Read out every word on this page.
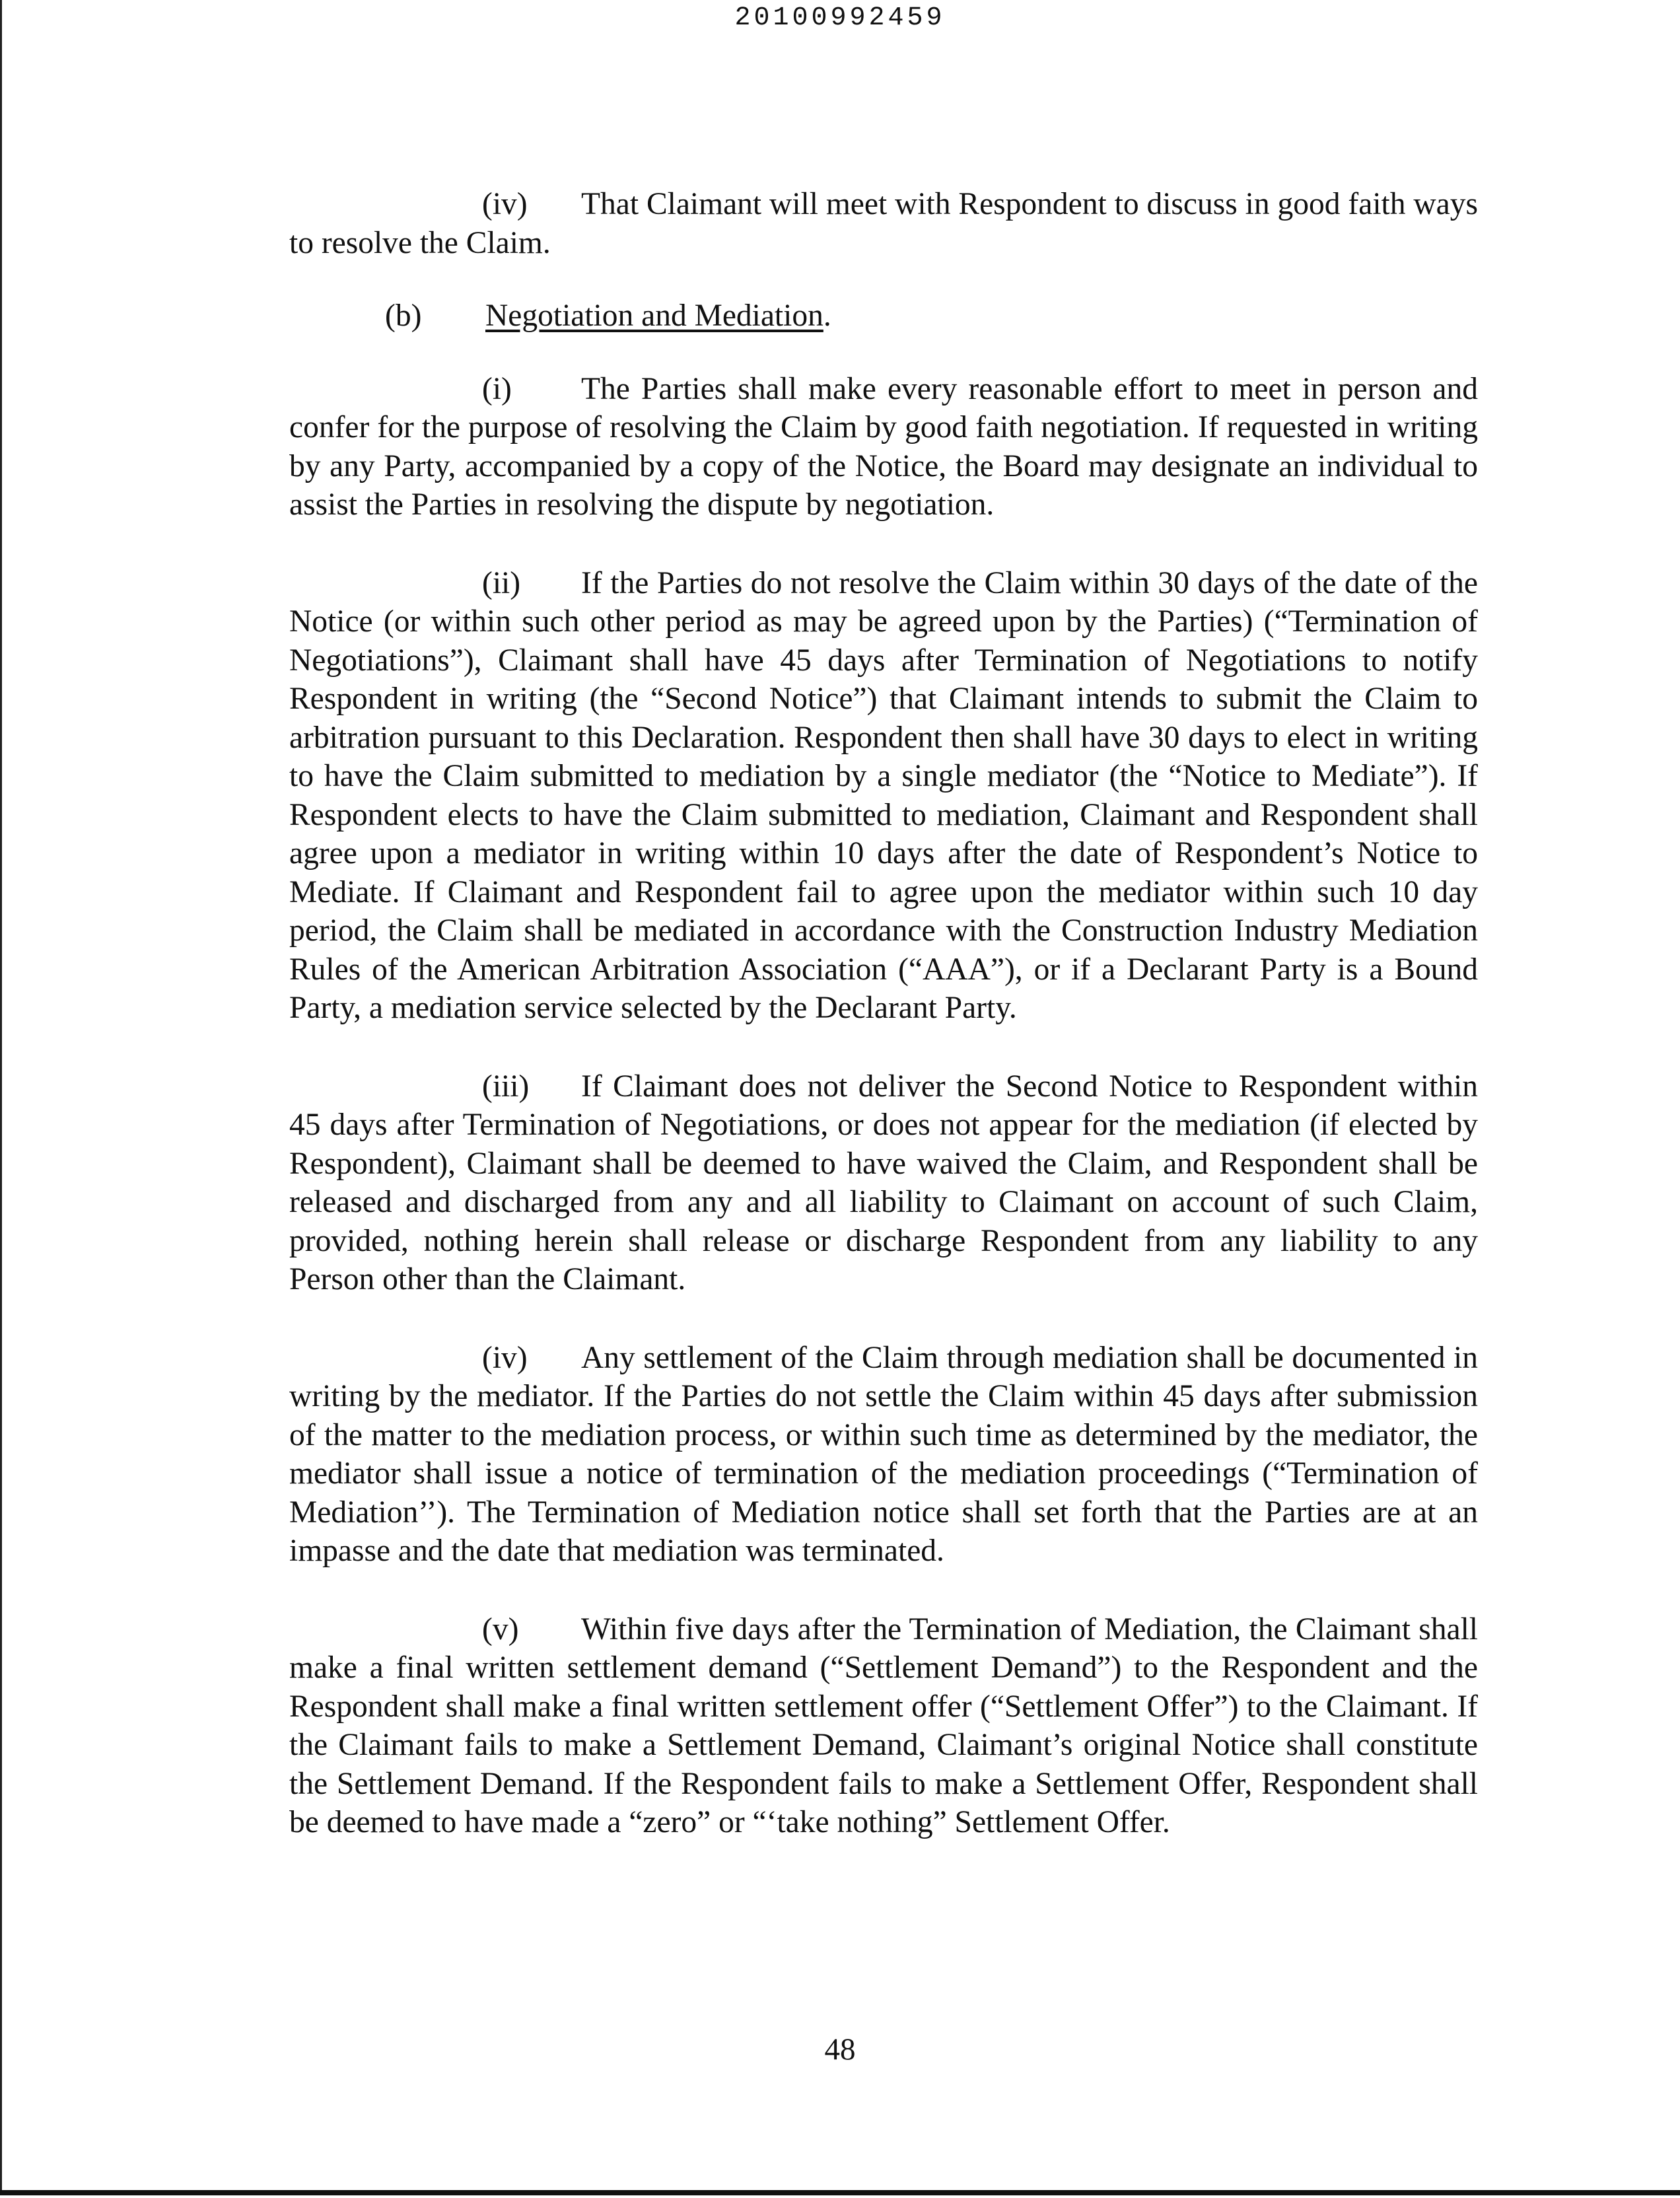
20100992459

(iv) That Claimant will meet with Respondent to discuss in good faith ways to resolve the Claim.

(b) Negotiation and Mediation.

(i) The Parties shall make every reasonable effort to meet in person and confer for the purpose of resolving the Claim by good faith negotiation. If requested in writing by any Party, accompanied by a copy of the Notice, the Board may designate an individual to assist the Parties in resolving the dispute by negotiation.

(ii) If the Parties do not resolve the Claim within 30 days of the date of the Notice (or within such other period as may be agreed upon by the Parties) (“Termination of Negotiations”), Claimant shall have 45 days after Termination of Negotiations to notify Respondent in writing (the “Second Notice”) that Claimant intends to submit the Claim to arbitration pursuant to this Declaration. Respondent then shall have 30 days to elect in writing to have the Claim submitted to mediation by a single mediator (the “Notice to Mediate”). If Respondent elects to have the Claim submitted to mediation, Claimant and Respondent shall agree upon a mediator in writing within 10 days after the date of Respondent’s Notice to Mediate. If Claimant and Respondent fail to agree upon the mediator within such 10 day period, the Claim shall be mediated in accordance with the Construction Industry Mediation Rules of the American Arbitration Association (“AAA”), or if a Declarant Party is a Bound Party, a mediation service selected by the Declarant Party.

(iii) If Claimant does not deliver the Second Notice to Respondent within 45 days after Termination of Negotiations, or does not appear for the mediation (if elected by Respondent), Claimant shall be deemed to have waived the Claim, and Respondent shall be released and discharged from any and all liability to Claimant on account of such Claim, provided, nothing herein shall release or discharge Respondent from any liability to any Person other than the Claimant.

(iv) Any settlement of the Claim through mediation shall be documented in writing by the mediator. If the Parties do not settle the Claim within 45 days after submission of the matter to the mediation process, or within such time as determined by the mediator, the mediator shall issue a notice of termination of the mediation proceedings (“Termination of Mediation’’). The Termination of Mediation notice shall set forth that the Parties are at an impasse and the date that mediation was terminated.

(v) Within five days after the Termination of Mediation, the Claimant shall make a final written settlement demand (“Settlement Demand”) to the Respondent and the Respondent shall make a final written settlement offer (“Settlement Offer”) to the Claimant. If the Claimant fails to make a Settlement Demand, Claimant’s original Notice shall constitute the Settlement Demand. If the Respondent fails to make a Settlement Offer, Respondent shall be deemed to have made a “zero” or “‘take nothing” Settlement Offer.

48
